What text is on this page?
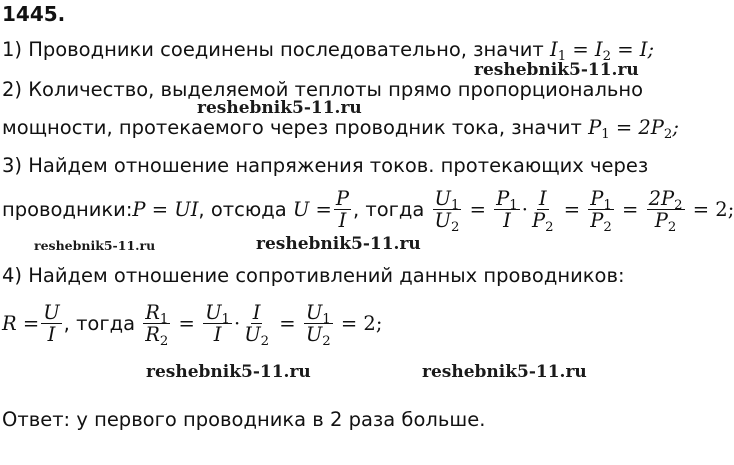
1445.
1) Проводники соединены последовательно, значит $I_1 = I_2 = I$;
reshebnik5-11.ru
2) Количество, выделяемой теплоты прямо пропорционально
reshebnik5-11.ru
мощности, протекаемого через проводник тока, значит $P_1 = 2P_2$;
3) Найдем отношение напряжения токов. протекающих через
проводники: P = UI , отсюда $U = \frac{P}{I}$ , тогда $\frac{U_1}{U_2} = \frac{P_1}{I} \cdot \frac{I}{P_2} = \frac{P_1}{P_2} = \frac{2P_2}{P_2} = 2$;
reshebnik5-11.ru	reshebnik5-11.ru
4) Найдем отношение сопротивлений данных проводников:
$R = \frac{U}{I}$ , тогда $\frac{R_1}{R_2} = \frac{U_1}{I} \cdot \frac{I}{U_2} = \frac{U_1}{U_2} = 2$;
reshebnik5-11.ru	reshebnik5-11.ru
Ответ: у первого проводника в 2 раза больше.
